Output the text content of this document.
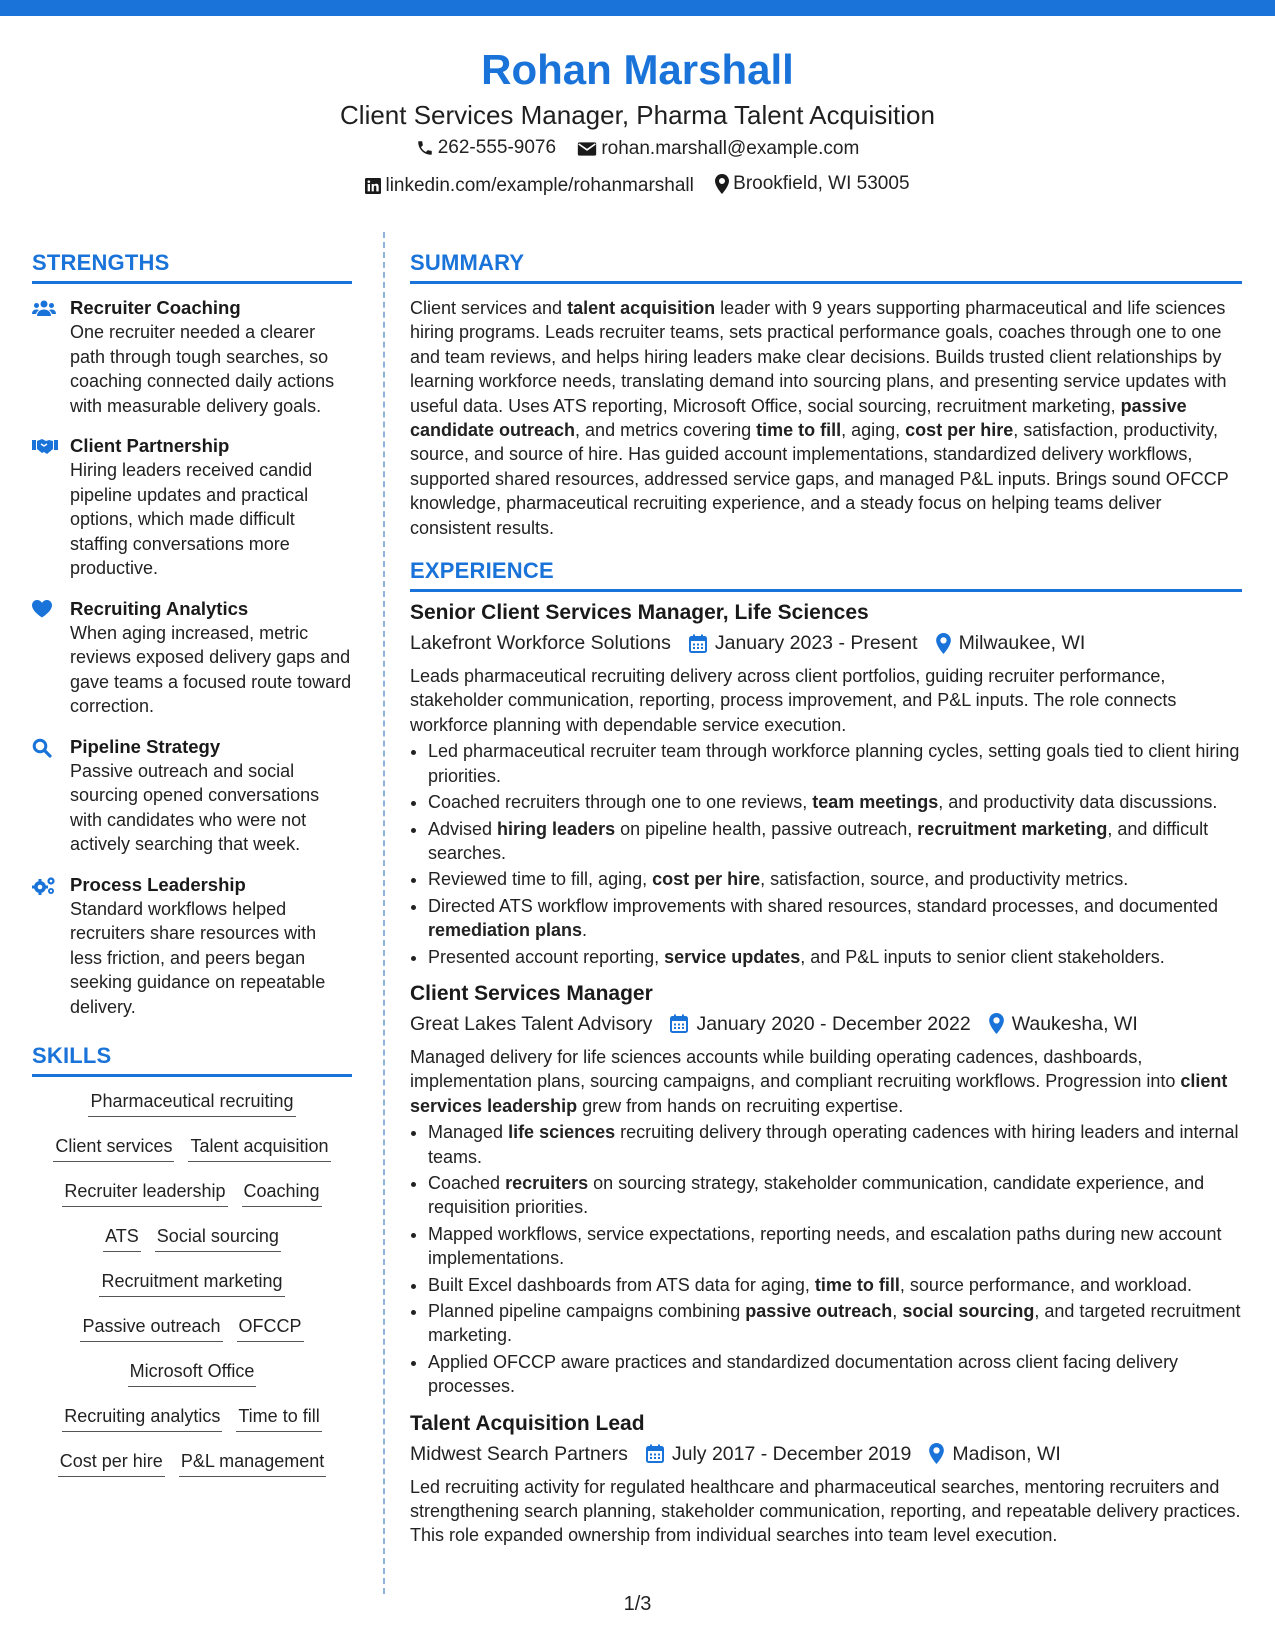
Rohan Marshall
Client Services Manager, Pharma Talent Acquisition
262-555-9076
rohan.marshall@example.com
linkedin.com/example/rohanmarshall
Brookfield, WI 53005
STRENGTHS
Recruiter Coaching
One recruiter needed a clearer path through tough searches, so coaching connected daily actions with measurable delivery goals.
Client Partnership
Hiring leaders received candid pipeline updates and practical options, which made difficult staffing conversations more productive.
Recruiting Analytics
When aging increased, metric reviews exposed delivery gaps and gave teams a focused route toward correction.
Pipeline Strategy
Passive outreach and social sourcing opened conversations with candidates who were not actively searching that week.
Process Leadership
Standard workflows helped recruiters share resources with less friction, and peers began seeking guidance on repeatable delivery.
SKILLS
Pharmaceutical recruiting
Client services Talent acquisition
Recruiter leadership Coaching
ATS Social sourcing
Recruitment marketing
Passive outreach OFCCP
Microsoft Office
Recruiting analytics Time to fill
Cost per hire P&L management
SUMMARY
Client services and talent acquisition leader with 9 years supporting pharmaceutical and life sciences hiring programs. Leads recruiter teams, sets practical performance goals, coaches through one to one and team reviews, and helps hiring leaders make clear decisions. Builds trusted client relationships by learning workforce needs, translating demand into sourcing plans, and presenting service updates with useful data. Uses ATS reporting, Microsoft Office, social sourcing, recruitment marketing, passive candidate outreach, and metrics covering time to fill, aging, cost per hire, satisfaction, productivity, source, and source of hire. Has guided account implementations, standardized delivery workflows, supported shared resources, addressed service gaps, and managed P&L inputs. Brings sound OFCCP knowledge, pharmaceutical recruiting experience, and a steady focus on helping teams deliver consistent results.
EXPERIENCE
Senior Client Services Manager, Life Sciences
Lakefront Workforce Solutions January 2023 - Present Milwaukee, WI
Leads pharmaceutical recruiting delivery across client portfolios, guiding recruiter performance, stakeholder communication, reporting, process improvement, and P&L inputs. The role connects workforce planning with dependable service execution.
• Led pharmaceutical recruiter team through workforce planning cycles, setting goals tied to client hiring priorities.
• Coached recruiters through one to one reviews, team meetings, and productivity data discussions.
• Advised hiring leaders on pipeline health, passive outreach, recruitment marketing, and difficult searches.
• Reviewed time to fill, aging, cost per hire, satisfaction, source, and productivity metrics.
• Directed ATS workflow improvements with shared resources, standard processes, and documented remediation plans.
• Presented account reporting, service updates, and P&L inputs to senior client stakeholders.
Client Services Manager
Great Lakes Talent Advisory January 2020 - December 2022 Waukesha, WI
Managed delivery for life sciences accounts while building operating cadences, dashboards, implementation plans, sourcing campaigns, and compliant recruiting workflows. Progression into client services leadership grew from hands on recruiting expertise.
• Managed life sciences recruiting delivery through operating cadences with hiring leaders and internal teams.
• Coached recruiters on sourcing strategy, stakeholder communication, candidate experience, and requisition priorities.
• Mapped workflows, service expectations, reporting needs, and escalation paths during new account implementations.
• Built Excel dashboards from ATS data for aging, time to fill, source performance, and workload.
• Planned pipeline campaigns combining passive outreach, social sourcing, and targeted recruitment marketing.
• Applied OFCCP aware practices and standardized documentation across client facing delivery processes.
Talent Acquisition Lead
Midwest Search Partners July 2017 - December 2019 Madison, WI
Led recruiting activity for regulated healthcare and pharmaceutical searches, mentoring recruiters and strengthening search planning, stakeholder communication, reporting, and repeatable delivery practices. This role expanded ownership from individual searches into team level execution.
1/3
